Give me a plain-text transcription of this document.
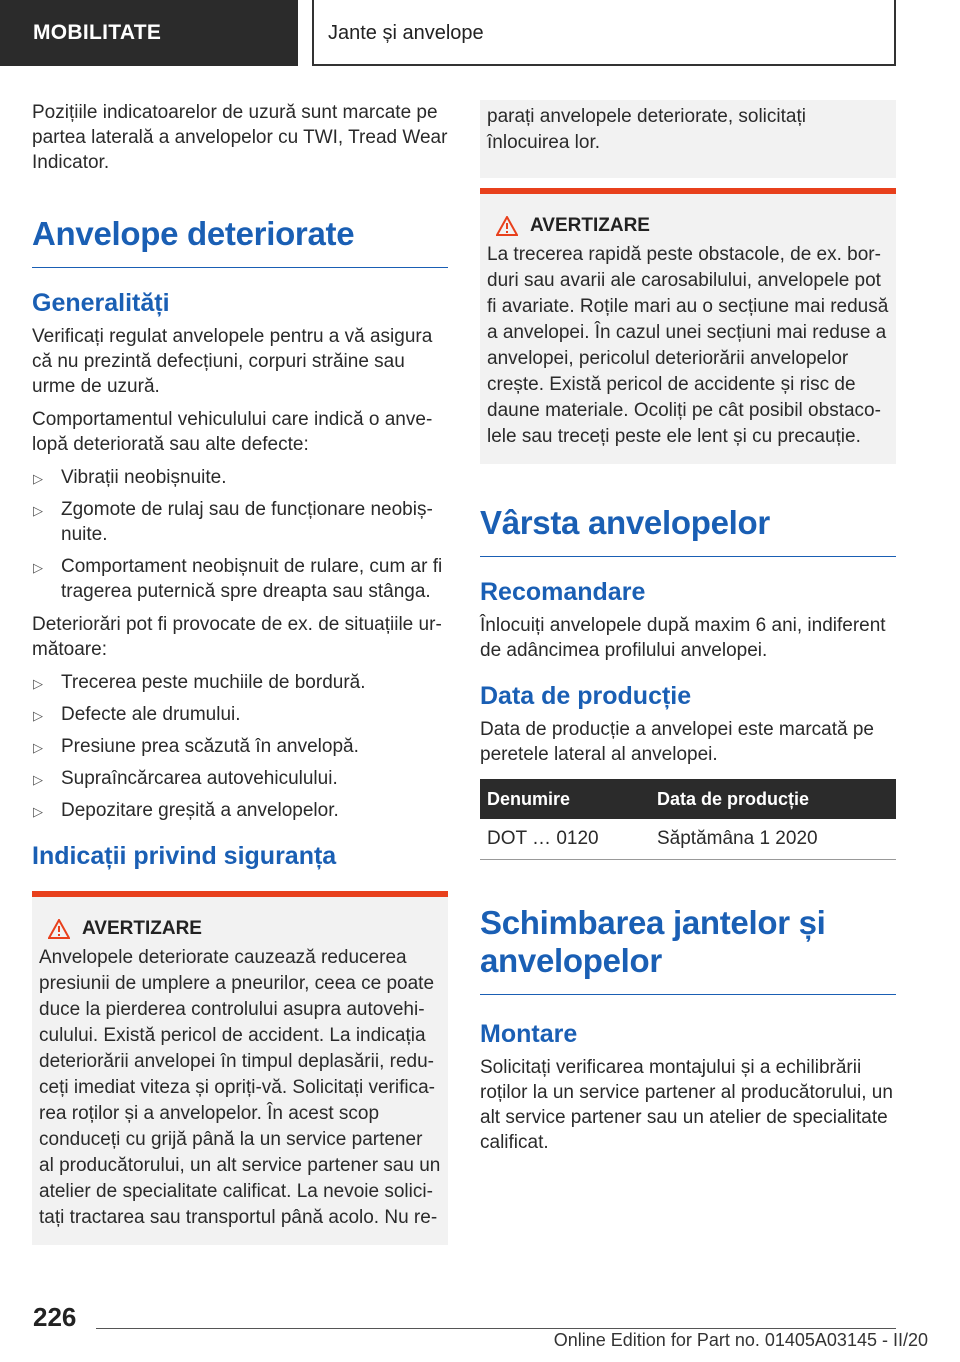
MOBILITATE	Jante și anvelope

Pozițiile indicatoarelor de uzură sunt marcate pe partea laterală a anvelopelor cu TWI, Tread Wear Indicator.

Anvelope deteriorate
Generalități

Verificați regulat anvelopele pentru a vă asigura că nu prezintă defecțiuni, corpuri străine sau urme de uzură.

Comportamentul vehiculului care indică o anvelopă deteriorată sau alte defecte:

▷ Vibrații neobișnuite.
▷ Zgomote de rulaj sau de funcționare neobișnuite.
▷ Comportament neobișnuit de rulare, cum ar fi tragerea puternică spre dreapta sau stânga.

Deteriorări pot fi provocate de ex. de situațiile următoare:

▷ Trecerea peste muchiile de bordură.
▷ Defecte ale drumului.
▷ Presiune prea scăzută în anvelopă.
▷ Supraîncărcarea autovehiculului.
▷ Depozitare greșită a anvelopelor.
Indicații privind siguranța
AVERTIZARE
Anvelopele deteriorate cauzează reducerea presiunii de umplere a pneurilor, ceea ce poate duce la pierderea controlului asupra autovehiculului. Există pericol de accident. La indicația deteriorării anvelopei în timpul deplasării, reduceți imediat viteza și opriți-vă. Solicitați verificarea roților și a anvelopelor. În acest scop conduceți cu grijă până la un service partener al producătorului, un alt service partener sau un atelier de specialitate calificat. La nevoie solicitați tractarea sau transportul până acolo. Nu re-
parați anvelopele deteriorate, solicitați înlocuirea lor.
AVERTIZARE
La trecerea rapidă peste obstacole, de ex. borduri sau avarii ale carosabilului, anvelopele pot fi avariate. Roțile mari au o secțiune mai redusă a anvelopei. În cazul unei secțiuni mai reduse a anvelopei, pericolul deteriorării anvelopelor crește. Există pericol de accidente și risc de daune materiale. Ocoliți pe cât posibil obstacolele sau treceți peste ele lent și cu precauție.
Vârsta anvelopelor
Recomandare

Înlocuiți anvelopele după maxim 6 ani, indiferent de adâncimea profilului anvelopei.

Data de producție

Data de producție a anvelopei este marcată pe peretele lateral al anvelopei.

Denumire	Data de producție
DOT … 0120	Săptămâna 1 2020
Schimbarea jantelor și anvelopelor
Montare

Solicitați verificarea montajului și a echilibrării roților la un service partener al producătorului, un alt service partener sau un atelier de specialitate calificat.

226
Online Edition for Part no. 01405A03145 - II/20
